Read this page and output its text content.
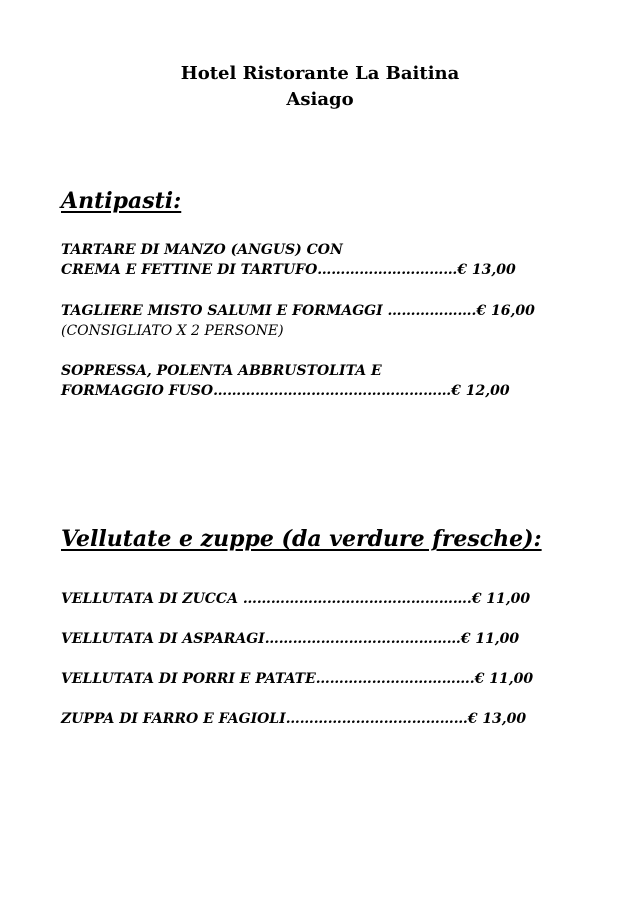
Hotel Ristorante La Baitina
Asiago
Antipasti:
TARTARE DI MANZO (ANGUS) CON
CREMA E FETTINE DI TARTUFO…………………………€ 13,00
TAGLIERE MISTO SALUMI E FORMAGGI ……………….€ 16,00
(CONSIGLIATO X 2 PERSONE)
SOPRESSA, POLENTA ABBRUSTOLITA E
FORMAGGIO FUSO……………………………………………€ 12,00
Vellutate e zuppe (da verdure fresche):
VELLUTATA DI ZUCCA ………………………………………….€ 11,00
VELLUTATA DI ASPARAGI……………………………………€ 11,00
VELLUTATA DI PORRI E PATATE…………………………….€ 11,00
ZUPPA DI FARRO E FAGIOLI…………………………………€ 13,00
